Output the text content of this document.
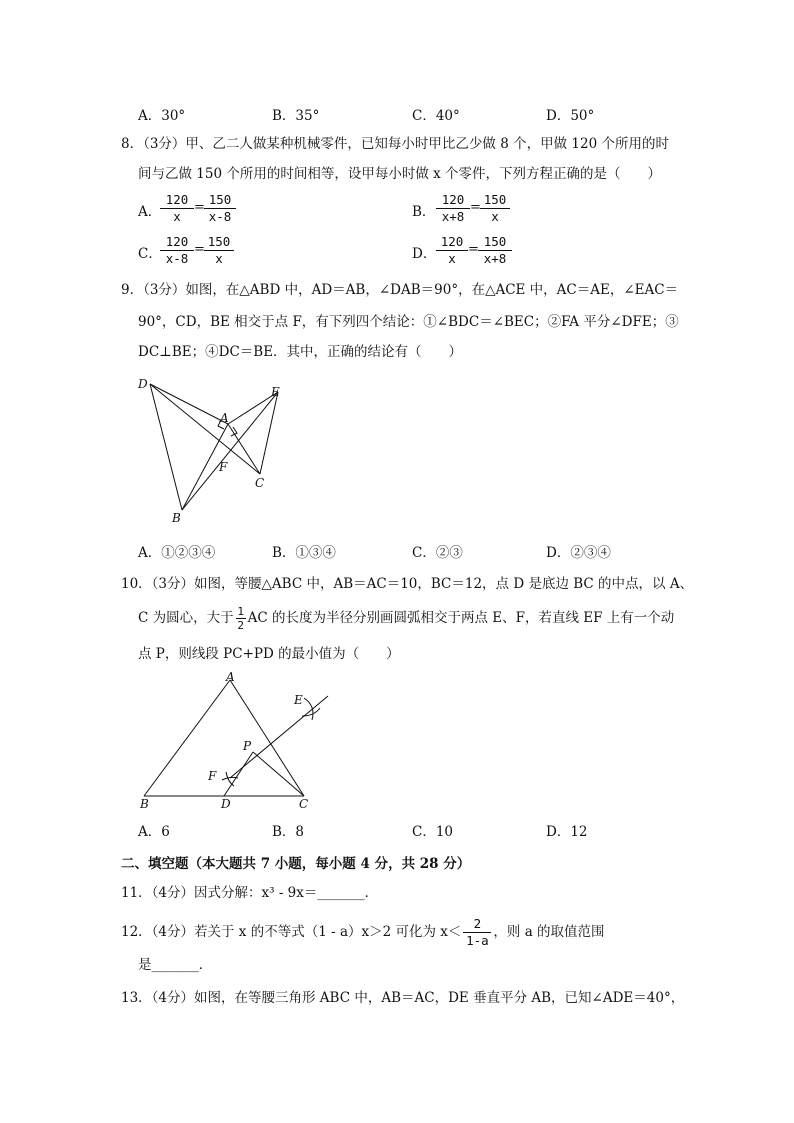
A．30°	B．35°	C．40°	D．50°
8．（3分）甲、乙二人做某种机械零件，已知每小时甲比乙少做 8 个，甲做 120 个所用的时
间与乙做 150 个所用的时间相等，设甲每小时做 x 个零件，下列方程正确的是（　　）
A．
$\frac{120}{x} = \frac{150}{x-8}$	B． $\frac{120}{x+8} = \frac{150}{x}$
C．
$\frac{120}{x-8} = \frac{150}{x}$	D． $\frac{120}{x} = \frac{150}{x+8}$
9．（3分）如图，在△ABD 中，AD＝AB，∠DAB＝90°，在△ACE 中，AC＝AE，∠EAC＝
90°，CD，BE 相交于点 F，有下列四个结论：①∠BDC＝∠BEC；②FA 平分∠DFE；③
DC⊥BE；④DC＝BE．其中，正确的结论有（　　）
D
E
A
F
C
B
A．①②③④	B．①③④	C．②③	D．②③④
10．（3分）如图，等腰△ABC 中，AB＝AC＝10，BC＝12，点 D 是底边 BC 的中点，以 A、
C 为圆心，大于 $\frac{1}{2}$ AC 的长度为半径分别画圆弧相交于两点 E、F，若直线 EF 上有一个动
点 P，则线段 PC+PD 的最小值为（　　）
A
E
P
F
B	D	C
A．6	B．8	C．10	D．12
二、填空题（本大题共 7 小题，每小题 4 分，共 28 分）
11．（4分）因式分解：x³ - 9x＝_______．
12．（4分）若关于 x 的不等式（1 - a）x＞2 可化为 $x< \frac{2}{1-a}$ ，则 a 的取值范围
是_______．
13．（4分）如图，在等腰三角形 ABC 中，AB＝AC，DE 垂直平分 AB，已知∠ADE＝40°，
